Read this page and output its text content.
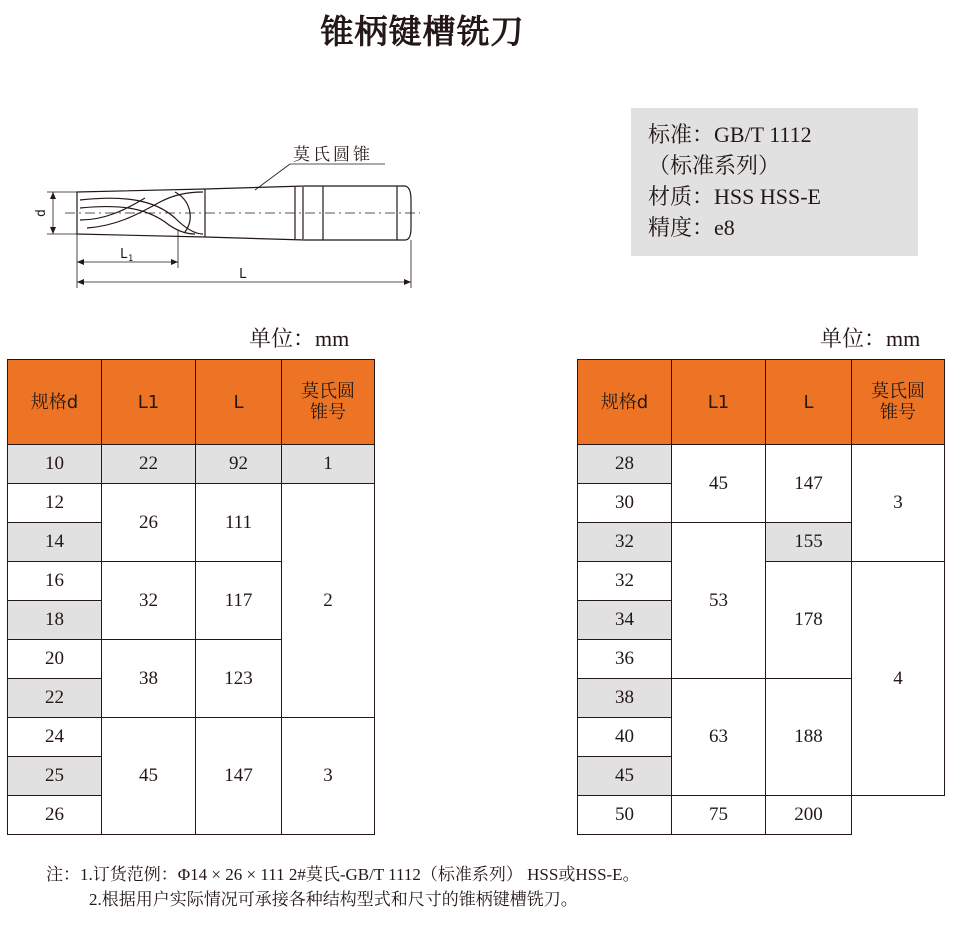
锥柄键槽铣刀
莫氏圆锥
d
$L_1$
L
标准：GB/T 1112
（标准系列）
材质：HSS HSS-E
精度：e8
单位：mm	单位：mm
规格d	L1	L	莫氏圆
锥号
10	22	92	1
12	26	111	2
14			
16	32	117	
18			
20	38	123	
22			
24	45	147	3
25			
26			
规格d	L1	L	莫氏圆
锥号
28	45	147	3
30			
32	53	155	
32		178	4
34			
36			
38	63	188	
40			
45			
50	75	200	
注：1.订货范例：Φ14 × 26 × 111 2#莫氏-GB/T 1112（标准系列） HSS或HSS-E。
2.根据用户实际情况可承接各种结构型式和尺寸的锥柄键槽铣刀。
